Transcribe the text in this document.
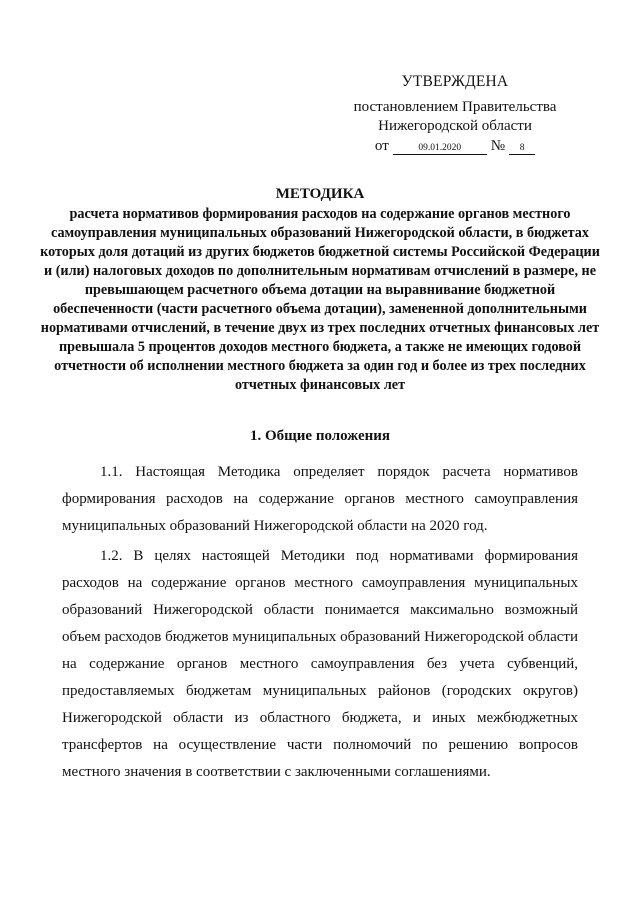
УТВЕРЖДЕНА
постановлением Правительства
Нижегородской области
от	09.01.2020	№	8
МЕТОДИКА
расчета нормативов формирования расходов на содержание органов местного самоуправления муниципальных образований Нижегородской области, в бюджетах которых доля дотаций из других бюджетов бюджетной системы Российской Федерации и (или) налоговых доходов по дополнительным нормативам отчислений в размере, не превышающем расчетного объема дотации на выравнивание бюджетной обеспеченности (части расчетного объема дотации), замененной дополнительными нормативами отчислений, в течение двух из трех последних отчетных финансовых лет превышала 5 процентов доходов местного бюджета, а также не имеющих годовой отчетности об исполнении местного бюджета за один год и более из трех последних отчетных финансовых лет
1. Общие положения

1.1. Настоящая Методика определяет порядок расчета нормативов формирования расходов на содержание органов местного самоуправления муниципальных образований Нижегородской области на 2020 год.

1.2. В целях настоящей Методики под нормативами формирования расходов на содержание органов местного самоуправления муниципальных образований Нижегородской области понимается максимально возможный объем расходов бюджетов муниципальных образований Нижегородской области на содержание органов местного самоуправления без учета субвенций, предоставляемых бюджетам муниципальных районов (городских округов) Нижегородской области из областного бюджета, и иных межбюджетных трансфертов на осуществление части полномочий по решению вопросов местного значения в соответствии с заключенными соглашениями.
